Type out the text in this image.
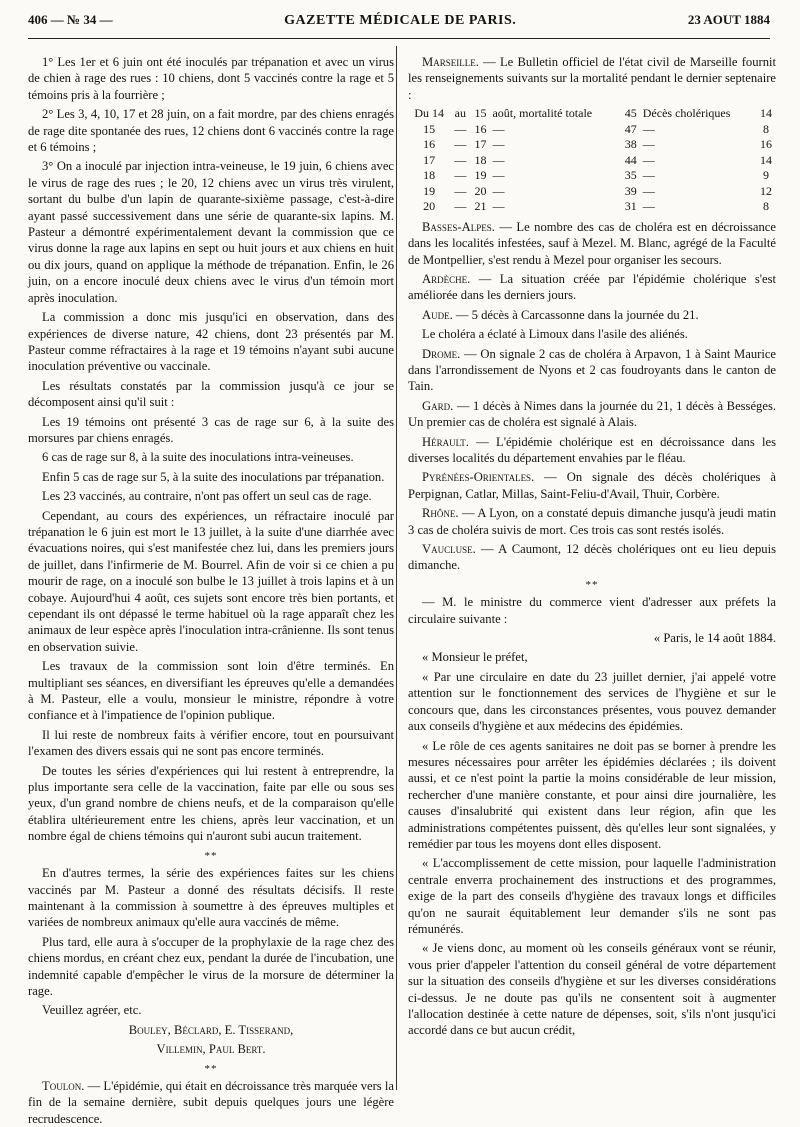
406 — № 34 —	GAZETTE MÉDICALE DE PARIS.	23 AOUT 1884

1° Les 1er et 6 juin ont été inoculés par trépanation et avec un virus de chien à rage des rues : 10 chiens, dont 5 vaccinés contre la rage et 5 témoins pris à la fourrière ;

2° Les 3, 4, 10, 17 et 28 juin, on a fait mordre, par des chiens enragés de rage dite spontanée des rues, 12 chiens dont 6 vaccinés contre la rage et 6 témoins ;

3° On a inoculé par injection intra-veineuse, le 19 juin, 6 chiens avec le virus de rage des rues ; le 20, 12 chiens avec un virus très virulent, sortant du bulbe d'un lapin de quarante-sixième passage, c'est-à-dire ayant passé successivement dans une série de quarante-six lapins. M. Pasteur a démontré expérimentalement devant la commission que ce virus donne la rage aux lapins en sept ou huit jours et aux chiens en huit ou dix jours, quand on applique la méthode de trépanation. Enfin, le 26 juin, on a encore inoculé deux chiens avec le virus d'un témoin mort après inoculation.

La commission a donc mis jusqu'ici en observation, dans des expériences de diverse nature, 42 chiens, dont 23 présentés par M. Pasteur comme réfractaires à la rage et 19 témoins n'ayant subi aucune inoculation préventive ou vaccinale.

Les résultats constatés par la commission jusqu'à ce jour se décomposent ainsi qu'il suit :

Les 19 témoins ont présenté 3 cas de rage sur 6, à la suite des morsures par chiens enragés.

6 cas de rage sur 8, à la suite des inoculations intra-veineuses.

Enfin 5 cas de rage sur 5, à la suite des inoculations par trépanation.

Les 23 vaccinés, au contraire, n'ont pas offert un seul cas de rage.

Cependant, au cours des expériences, un réfractaire inoculé par trépanation le 6 juin est mort le 13 juillet, à la suite d'une diarrhée avec évacuations noires, qui s'est manifestée chez lui, dans les premiers jours de juillet, dans l'infirmerie de M. Bourrel. Afin de voir si ce chien a pu mourir de rage, on a inoculé son bulbe le 13 juillet à trois lapins et à un cobaye. Aujourd'hui 4 août, ces sujets sont encore très bien portants, et cependant ils ont dépassé le terme habituel où la rage apparaît chez les animaux de leur espèce après l'inoculation intra-crânienne. Ils sont tenus en observation suivie.

Les travaux de la commission sont loin d'être terminés. En multipliant ses séances, en diversifiant les épreuves qu'elle a demandées à M. Pasteur, elle a voulu, monsieur le ministre, répondre à votre confiance et à l'impatience de l'opinion publique.

Il lui reste de nombreux faits à vérifier encore, tout en poursuivant l'examen des divers essais qui ne sont pas encore terminés.

De toutes les séries d'expériences qui lui restent à entreprendre, la plus importante sera celle de la vaccination, faite par elle ou sous ses yeux, d'un grand nombre de chiens neufs, et de la comparaison qu'elle établira ultérieurement entre les chiens, après leur vaccination, et un nombre égal de chiens témoins qui n'auront subi aucun traitement.

**

En d'autres termes, la série des expériences faites sur les chiens vaccinés par M. Pasteur a donné des résultats décisifs. Il reste maintenant à la commission à soumettre à des épreuves multiples et variées de nombreux animaux qu'elle aura vaccinés de même.

Plus tard, elle aura à s'occuper de la prophylaxie de la rage chez des chiens mordus, en créant chez eux, pendant la durée de l'incubation, une indemnité capable d'empêcher le virus de la morsure de déterminer la rage.

Veuillez agréer, etc.

Bouley, Béclard, E. Tisserand,

Villemin, Paul Bert.

**

Toulon. — L'épidémie, qui était en décroissance très marquée vers la fin de la semaine dernière, subit depuis quelques jours une légère recrudescence.

Marseille. — Le Bulletin officiel de l'état civil de Marseille fournit les renseignements suivants sur la mortalité pendant le dernier septenaire :

Du 14	au	15	août, mortalité totale	45	Décès cholériques	14
15	—	16	—	47	—	8
16	—	17	—	38	—	16
17	—	18	—	44	—	14
18	—	19	—	35	—	9
19	—	20	—	39	—	12
20	—	21	—	31	—	8

Basses-Alpes. — Le nombre des cas de choléra est en décroissance dans les localités infestées, sauf à Mezel. M. Blanc, agrégé de la Faculté de Montpellier, s'est rendu à Mezel pour organiser les secours.

Ardèche. — La situation créée par l'épidémie cholérique s'est améliorée dans les derniers jours.

Aude. — 5 décès à Carcassonne dans la journée du 21.

Le choléra a éclaté à Limoux dans l'asile des aliénés.

Drome. — On signale 2 cas de choléra à Arpavon, 1 à Saint Maurice dans l'arrondissement de Nyons et 2 cas foudroyants dans le canton de Tain.

Gard. — 1 décès à Nimes dans la journée du 21, 1 décès à Bességes. Un premier cas de choléra est signalé à Alais.

Hérault. — L'épidémie cholérique est en décroissance dans les diverses localités du département envahies par le fléau.

Pyrénées-Orientales. — On signale des décès cholériques à Perpignan, Catlar, Millas, Saint-Feliu-d'Avail, Thuir, Corbère.

Rhône. — A Lyon, on a constaté depuis dimanche jusqu'à jeudi matin 3 cas de choléra suivis de mort. Ces trois cas sont restés isolés.

Vaucluse. — A Caumont, 12 décès cholériques ont eu lieu depuis dimanche.

**

— M. le ministre du commerce vient d'adresser aux préfets la circulaire suivante :

« Paris, le 14 août 1884.

« Monsieur le préfet,

« Par une circulaire en date du 23 juillet dernier, j'ai appelé votre attention sur le fonctionnement des services de l'hygiène et sur le concours que, dans les circonstances présentes, vous pouvez demander aux conseils d'hygiène et aux médecins des épidémies.

« Le rôle de ces agents sanitaires ne doit pas se borner à prendre les mesures nécessaires pour arrêter les épidémies déclarées ; ils doivent aussi, et ce n'est point la partie la moins considérable de leur mission, rechercher d'une manière constante, et pour ainsi dire journalière, les causes d'insalubrité qui existent dans leur région, afin que les administrations compétentes puissent, dès qu'elles leur sont signalées, y remédier par tous les moyens dont elles disposent.

« L'accomplissement de cette mission, pour laquelle l'administration centrale enverra prochainement des instructions et des programmes, exige de la part des conseils d'hygiène des travaux longs et difficiles qu'on ne saurait équitablement leur demander s'ils ne sont pas rémunérés.

« Je viens donc, au moment où les conseils généraux vont se réunir, vous prier d'appeler l'attention du conseil général de votre département sur la situation des conseils d'hygiène et sur les diverses considérations ci-dessus. Je ne doute pas qu'ils ne consentent soit à augmenter l'allocation destinée à cette nature de dépenses, soit, s'ils n'ont jusqu'ici accordé dans ce but aucun crédit,
